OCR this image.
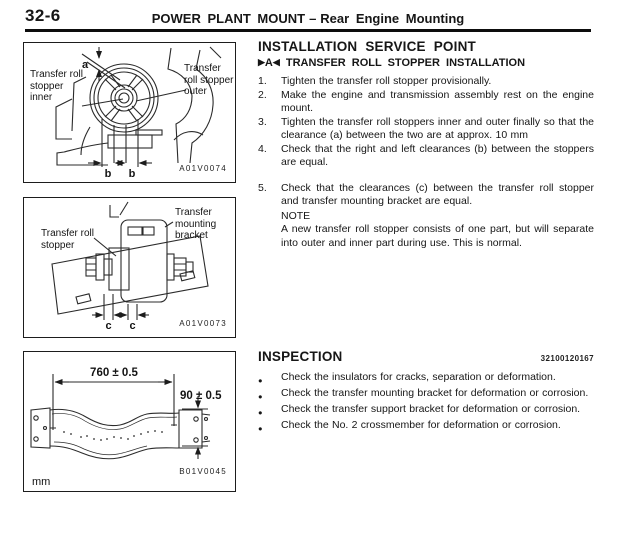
32-6	POWER PLANT MOUNT – Rear Engine Mounting
a
b b	A01V0074
Transfer roll stopper inner
Transfer roll stopper outer
c c	A01V0073
Transfer roll stopper
Transfer mounting bracket
760 ± 0.5
90 ± 0.5
B01V0045
mm
INSTALLATION SERVICE POINT
▶A◀ TRANSFER ROLL STOPPER INSTALLATION
1.	Tighten the transfer roll stopper provisionally.
2.	Make the engine and transmission assembly rest on the engine mount.
3.	Tighten the transfer roll stoppers inner and outer finally so that the clearance (a) between the two are at approx. 10 mm
4.	Check that the right and left clearances (b) between the stoppers are equal.
5.	Check that the clearances (c) between the transfer roll stopper and transfer mounting bracket are equal.
NOTE
A new transfer roll stopper consists of one part, but will separate into outer and inner part during use. This is normal.
INSPECTION	32100120167
●	Check the insulators for cracks, separation or deformation.
●	Check the transfer mounting bracket for deformation or corrosion.
●	Check the transfer support bracket for deformation or corrosion.
●	Check the No. 2 crossmember for deformation or corrosion.
